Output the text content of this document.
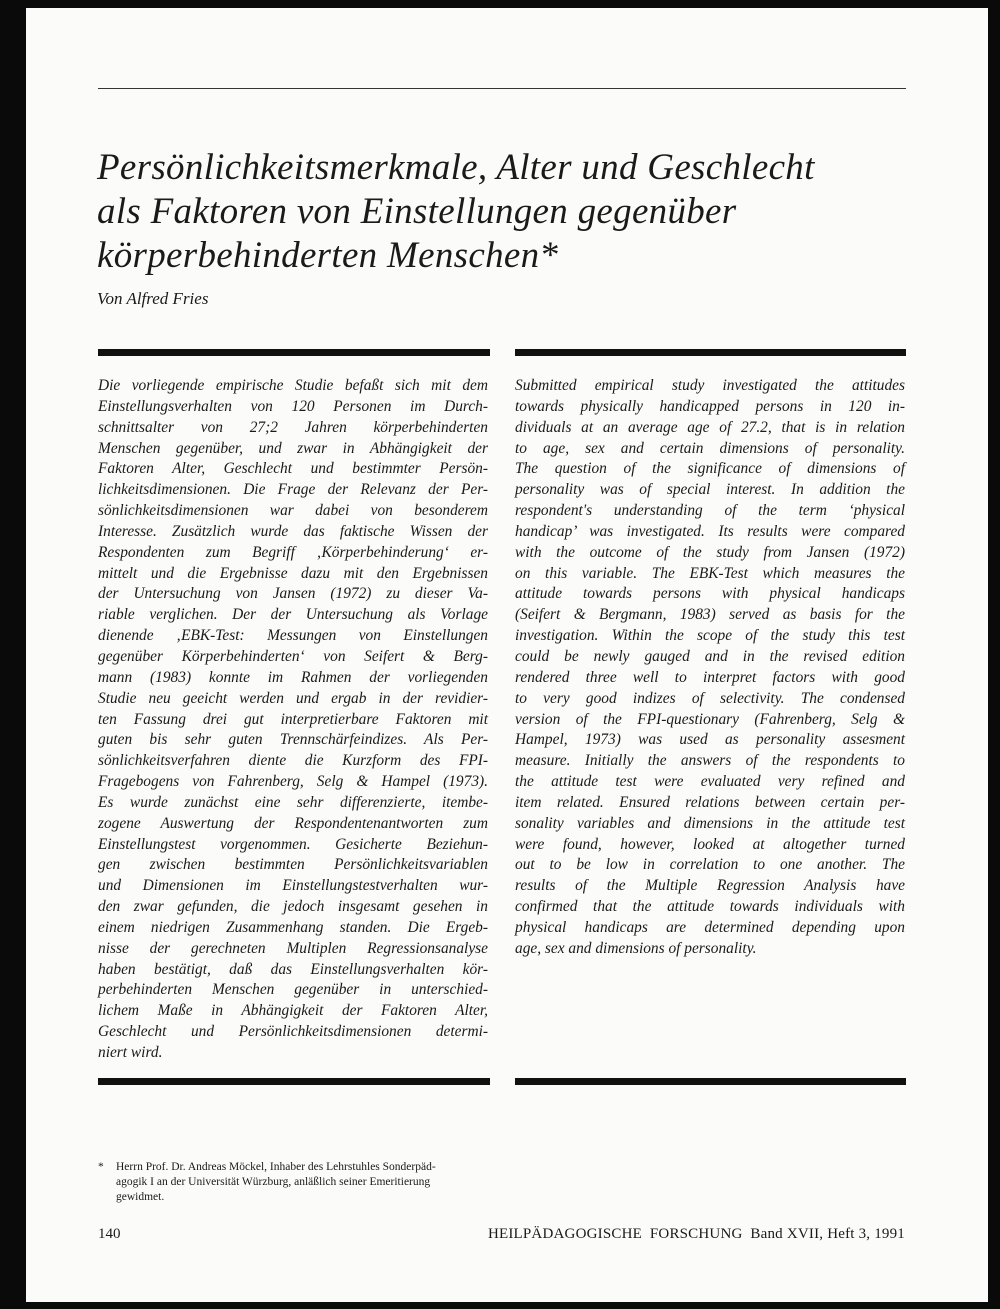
Persönlichkeitsmerkmale, Alter und Geschlecht
als Faktoren von Einstellungen gegenüber
körperbehinderten Menschen*
Von Alfred Fries
Die vorliegende empirische Studie befaßt sich mit dem
Einstellungsverhalten von 120 Personen im Durch-
schnittsalter von 27;2 Jahren körperbehinderten
Menschen gegenüber, und zwar in Abhängigkeit der
Faktoren Alter, Geschlecht und bestimmter Persön-
lichkeitsdimensionen. Die Frage der Relevanz der Per-
sönlichkeitsdimensionen war dabei von besonderem
Interesse. Zusätzlich wurde das faktische Wissen der
Respondenten zum Begriff ‚Körperbehinderung‘ er-
mittelt und die Ergebnisse dazu mit den Ergebnissen
der Untersuchung von Jansen (1972) zu dieser Va-
riable verglichen. Der der Untersuchung als Vorlage
dienende ‚EBK-Test: Messungen von Einstellungen
gegenüber Körperbehinderten‘ von Seifert & Berg-
mann (1983) konnte im Rahmen der vorliegenden
Studie neu geeicht werden und ergab in der revidier-
ten Fassung drei gut interpretierbare Faktoren mit
guten bis sehr guten Trennschärfeindizes. Als Per-
sönlichkeitsverfahren diente die Kurzform des FPI-
Fragebogens von Fahrenberg, Selg & Hampel (1973).
Es wurde zunächst eine sehr differenzierte, itembe-
zogene Auswertung der Respondentenantworten zum
Einstellungstest vorgenommen. Gesicherte Beziehun-
gen zwischen bestimmten Persönlichkeitsvariablen
und Dimensionen im Einstellungstestverhalten wur-
den zwar gefunden, die jedoch insgesamt gesehen in
einem niedrigen Zusammenhang standen. Die Ergeb-
nisse der gerechneten Multiplen Regressionsanalyse
haben bestätigt, daß das Einstellungsverhalten kör-
perbehinderten Menschen gegenüber in unterschied-
lichem Maße in Abhängigkeit der Faktoren Alter,
Geschlecht und Persönlichkeitsdimensionen determi-
niert wird.
Submitted empirical study investigated the attitudes
towards physically handicapped persons in 120 in-
dividuals at an average age of 27.2, that is in relation
to age, sex and certain dimensions of personality.
The question of the significance of dimensions of
personality was of special interest. In addition the
respondent's understanding of the term ‘physical
handicap’ was investigated. Its results were compared
with the outcome of the study from Jansen (1972)
on this variable. The EBK-Test which measures the
attitude towards persons with physical handicaps
(Seifert & Bergmann, 1983) served as basis for the
investigation. Within the scope of the study this test
could be newly gauged and in the revised edition
rendered three well to interpret factors with good
to very good indizes of selectivity. The condensed
version of the FPI-questionary (Fahrenberg, Selg &
Hampel, 1973) was used as personality assesment
measure. Initially the answers of the respondents to
the attitude test were evaluated very refined and
item related. Ensured relations between certain per-
sonality variables and dimensions in the attitude test
were found, however, looked at altogether turned
out to be low in correlation to one another. The
results of the Multiple Regression Analysis have
confirmed that the attitude towards individuals with
physical handicaps are determined depending upon
age, sex and dimensions of personality.
*	Herrn Prof. Dr. Andreas Möckel, Inhaber des Lehrstuhles Sonderpäd-
agogik I an der Universität Würzburg, anläßlich seiner Emeritierung
gewidmet.
140	HEILPÄDAGOGISCHE  FORSCHUNG  Band XVII, Heft 3, 1991
